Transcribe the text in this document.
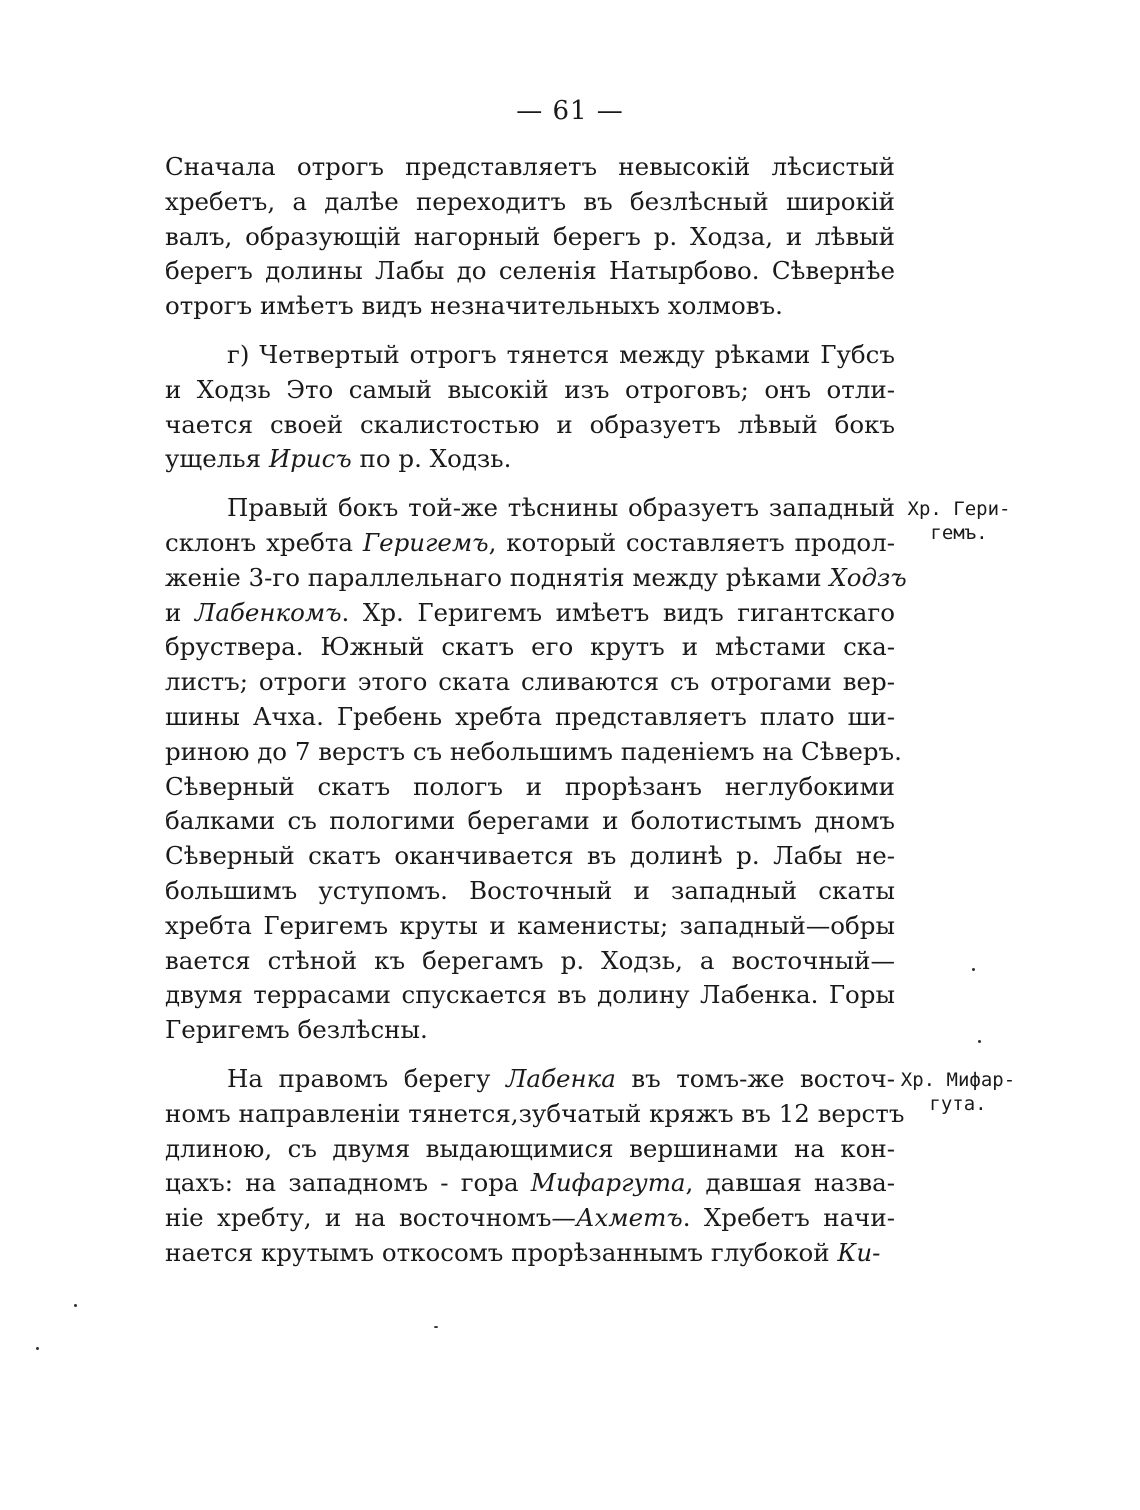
— 61 —
Сначала отрогъ представляетъ невысокій лѣсистый
хребетъ, а далѣе переходитъ въ безлѣсный широкій
валъ, образующій нагорный берегъ р. Ходза, и лѣвый
берегъ долины Лабы до селенія Натырбово. Сѣвернѣе
отрогъ имѣетъ видъ незначительныхъ холмовъ.
г) Четвертый отрогъ тянется между рѣками Губсъ
и Ходзь Это самый высокій изъ отроговъ; онъ отли-
чается своей скалистостью и образуетъ лѣвый бокъ
ущелья Ирисъ по р. Ходзь.
Правый бокъ той-же тѣснины образуетъ западный
склонъ хребта Геригемъ, который составляетъ продол-
женіе 3-го параллельнаго поднятія между рѣками Ходзъ
и Лабенкомъ. Хр. Геригемъ имѣетъ видъ гигантскаго
бруствера. Южный скатъ его крутъ и мѣстами ска-
листъ; отроги этого ската сливаются съ отрогами вер-
шины Ачха. Гребень хребта представляетъ плато ши-
риною до 7 верстъ съ небольшимъ паденіемъ на Сѣверъ.
Сѣверный скатъ пологъ и прорѣзанъ неглубокими
балками съ пологими берегами и болотистымъ дномъ
Сѣверный скатъ оканчивается въ долинѣ р. Лабы не-
большимъ уступомъ. Восточный и западный скаты
хребта Геригемъ круты и каменисты; западный—обры
вается стѣной къ берегамъ р. Ходзь, а восточный—
двумя террасами спускается въ долину Лабенка. Горы
Геригемъ безлѣсны.
На правомъ берегу Лабенка въ томъ-же восточ-
номъ направленіи тянется,зубчатый кряжъ въ 12 верстъ
длиною, съ двумя выдающимися вершинами на кон-
цахъ: на западномъ - гора Мифаргута, давшая назва-
ніе хребту, и на восточномъ—Ахметъ. Хребетъ начи-
нается крутымъ откосомъ прорѣзаннымъ глубокой Ки-
Хр. Гери-
гемъ.
Хр. Мифар-
гута.
